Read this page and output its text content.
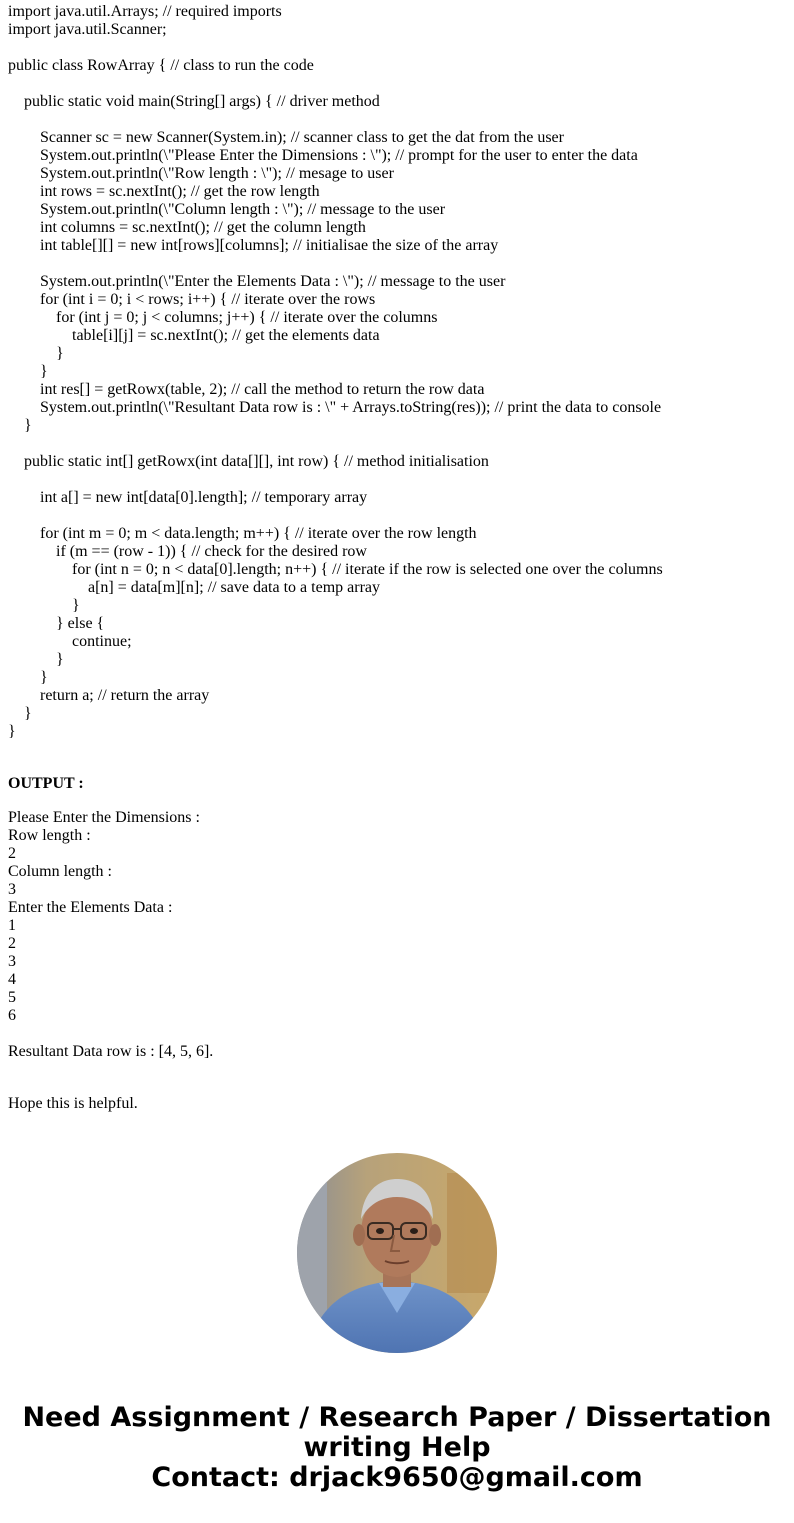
import java.util.Arrays; // required imports
import java.util.Scanner;
public class RowArray { // class to run the code
public static void main(String[] args) { // driver method
Scanner sc = new Scanner(System.in); // scanner class to get the dat from the user
System.out.println(\"Please Enter the Dimensions : \"); // prompt for the user to enter the data
System.out.println(\"Row length : \"); // mesage to user
int rows = sc.nextInt(); // get the row length
System.out.println(\"Column length : \"); // message to the user
int columns = sc.nextInt(); // get the column length
int table[][] = new int[rows][columns]; // initialisae the size of the array
System.out.println(\"Enter the Elements Data : \"); // message to the user
for (int i = 0; i < rows; i++) { // iterate over the rows
for (int j = 0; j < columns; j++) { // iterate over the columns
table[i][j] = sc.nextInt(); // get the elements data
}
}
int res[] = getRowx(table, 2); // call the method to return the row data
System.out.println(\"Resultant Data row is : \" + Arrays.toString(res)); // print the data to console
}
public static int[] getRowx(int data[][], int row) { // method initialisation
int a[] = new int[data[0].length]; // temporary array
for (int m = 0; m < data.length; m++) { // iterate over the row length
if (m == (row - 1)) { // check for the desired row
for (int n = 0; n < data[0].length; n++) { // iterate if the row is selected one over the columns
a[n] = data[m][n]; // save data to a temp array
}
} else {
continue;
}
}
return a; // return the array
}
}
OUTPUT :
Please Enter the Dimensions :
Row length :
2
Column length :
3
Enter the Elements Data :
1
2
3
4
5
6
Resultant Data row is : [4, 5, 6].
Hope this is helpful.
Need Assignment / Research Paper / Dissertation
writing Help
Contact: drjack9650@gmail.com
